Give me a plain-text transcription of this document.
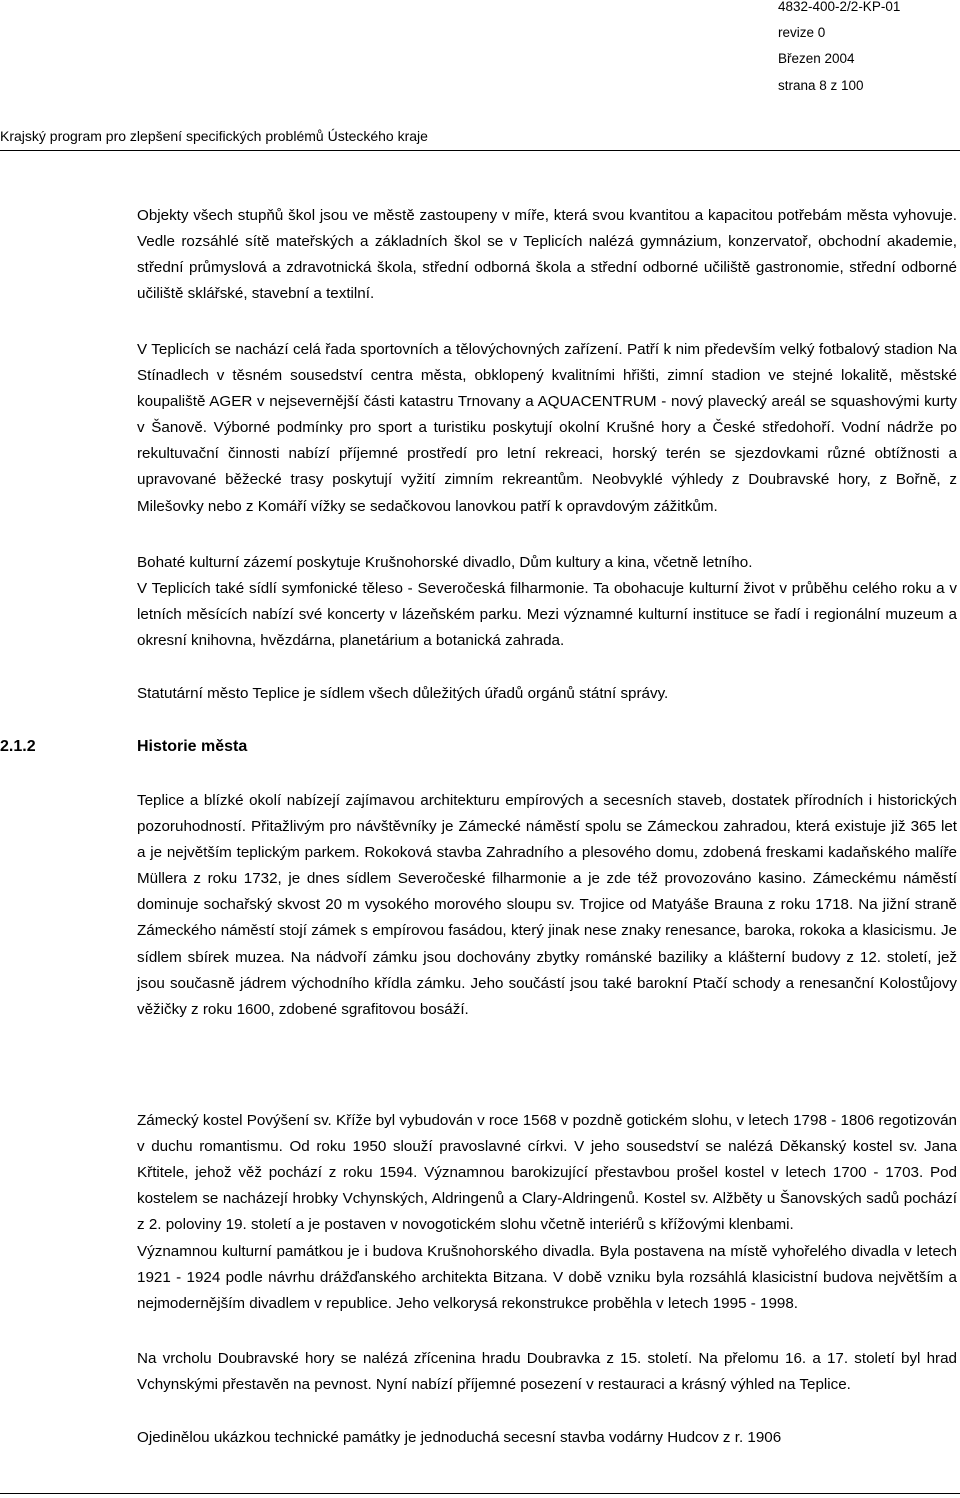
4832-400-2/2-KP-01
revize 0
Březen 2004
strana 8 z 100
Krajský program pro zlepšení specifických problémů Ústeckého kraje

Objekty všech stupňů škol jsou ve městě zastoupeny v míře, která svou kvantitou a kapacitou potřebám města vyhovuje. Vedle rozsáhlé sítě mateřských a základních škol se v Teplicích nalézá gymnázium, konzervatoř, obchodní akademie, střední průmyslová a zdravotnická škola, střední odborná škola a střední odborné učiliště gastronomie, střední odborné učiliště sklářské, stavební a textilní.

V Teplicích se nachází celá řada sportovních a tělovýchovných zařízení. Patří k nim především velký fotbalový stadion Na Stínadlech v těsném sousedství centra města, obklopený kvalitními hřišti, zimní stadion ve stejné lokalitě, městské koupaliště AGER v nejsevernější části katastru Trnovany a AQUACENTRUM - nový plavecký areál se squashovými kurty v Šanově. Výborné podmínky pro sport a turistiku poskytují okolní Krušné hory a České středohoří. Vodní nádrže po rekultuvační činnosti nabízí příjemné prostředí pro letní rekreaci, horský terén se sjezdovkami různé obtížnosti a upravované běžecké trasy poskytují vyžití zimním rekreantům. Neobvyklé výhledy z Doubravské hory, z Bořně, z Milešovky nebo z Komáří vížky se sedačkovou lanovkou patří k opravdovým zážitkům.

Bohaté kulturní zázemí poskytuje Krušnohorské divadlo, Dům kultury a kina, včetně letního.

V Teplicích také sídlí symfonické těleso - Severočeská filharmonie. Ta obohacuje kulturní život v průběhu celého roku a v letních měsících nabízí své koncerty v lázeňském parku. Mezi významné kulturní instituce se řadí i regionální muzeum a okresní knihovna, hvězdárna, planetárium a botanická zahrada.

Statutární město Teplice je sídlem všech důležitých úřadů orgánů státní správy.

2.1.2	Historie města

Teplice a blízké okolí nabízejí zajímavou architekturu empírových a secesních staveb, dostatek přírodních i historických pozoruhodností. Přitažlivým pro návštěvníky je Zámecké náměstí spolu se Zámeckou zahradou, která existuje již 365 let a je největším teplickým parkem. Rokoková stavba Zahradního a plesového domu, zdobená freskami kadaňského malíře Müllera z roku 1732, je dnes sídlem Severočeské filharmonie a je zde též provozováno kasino. Zámeckému náměstí dominuje sochařský skvost 20 m vysokého morového sloupu sv. Trojice od Matyáše Brauna z roku 1718. Na jižní straně Zámeckého náměstí stojí zámek s empírovou fasádou, který jinak nese znaky renesance, baroka, rokoka a klasicismu. Je sídlem sbírek muzea. Na nádvoří zámku jsou dochovány zbytky románské baziliky a klášterní budovy z 12. století, jež jsou současně jádrem východního křídla zámku. Jeho součástí jsou také barokní Ptačí schody a renesanční Kolostůjovy věžičky z roku 1600, zdobené sgrafitovou bosáží.

Zámecký kostel Povýšení sv. Kříže byl vybudován v roce 1568 v pozdně gotickém slohu, v letech 1798 - 1806 regotizován v duchu romantismu. Od roku 1950 slouží pravoslavné církvi. V jeho sousedství se nalézá Děkanský kostel sv. Jana Křtitele, jehož věž pochází z roku 1594. Významnou barokizující přestavbou prošel kostel v letech 1700 - 1703. Pod kostelem se nacházejí hrobky Vchynských, Aldringenů a Clary-Aldringenů. Kostel sv. Alžběty u Šanovských sadů pochází z 2. poloviny 19. století a je postaven v novogotickém slohu včetně interiérů s křížovými klenbami.

Významnou kulturní památkou je i budova Krušnohorského divadla. Byla postavena na místě vyhořelého divadla v letech 1921 - 1924 podle návrhu drážďanského architekta Bitzana. V době vzniku byla rozsáhlá klasicistní budova největším a nejmodernějším divadlem v republice. Jeho velkorysá rekonstrukce proběhla v letech 1995 - 1998.

Na vrcholu Doubravské hory se nalézá zřícenina hradu Doubravka z 15. století. Na přelomu 16. a 17. století byl hrad Vchynskými přestavěn na pevnost. Nyní nabízí příjemné posezení v restauraci a krásný výhled na Teplice.

Ojedinělou ukázkou technické památky je jednoduchá secesní stavba vodárny Hudcov z r. 1906
